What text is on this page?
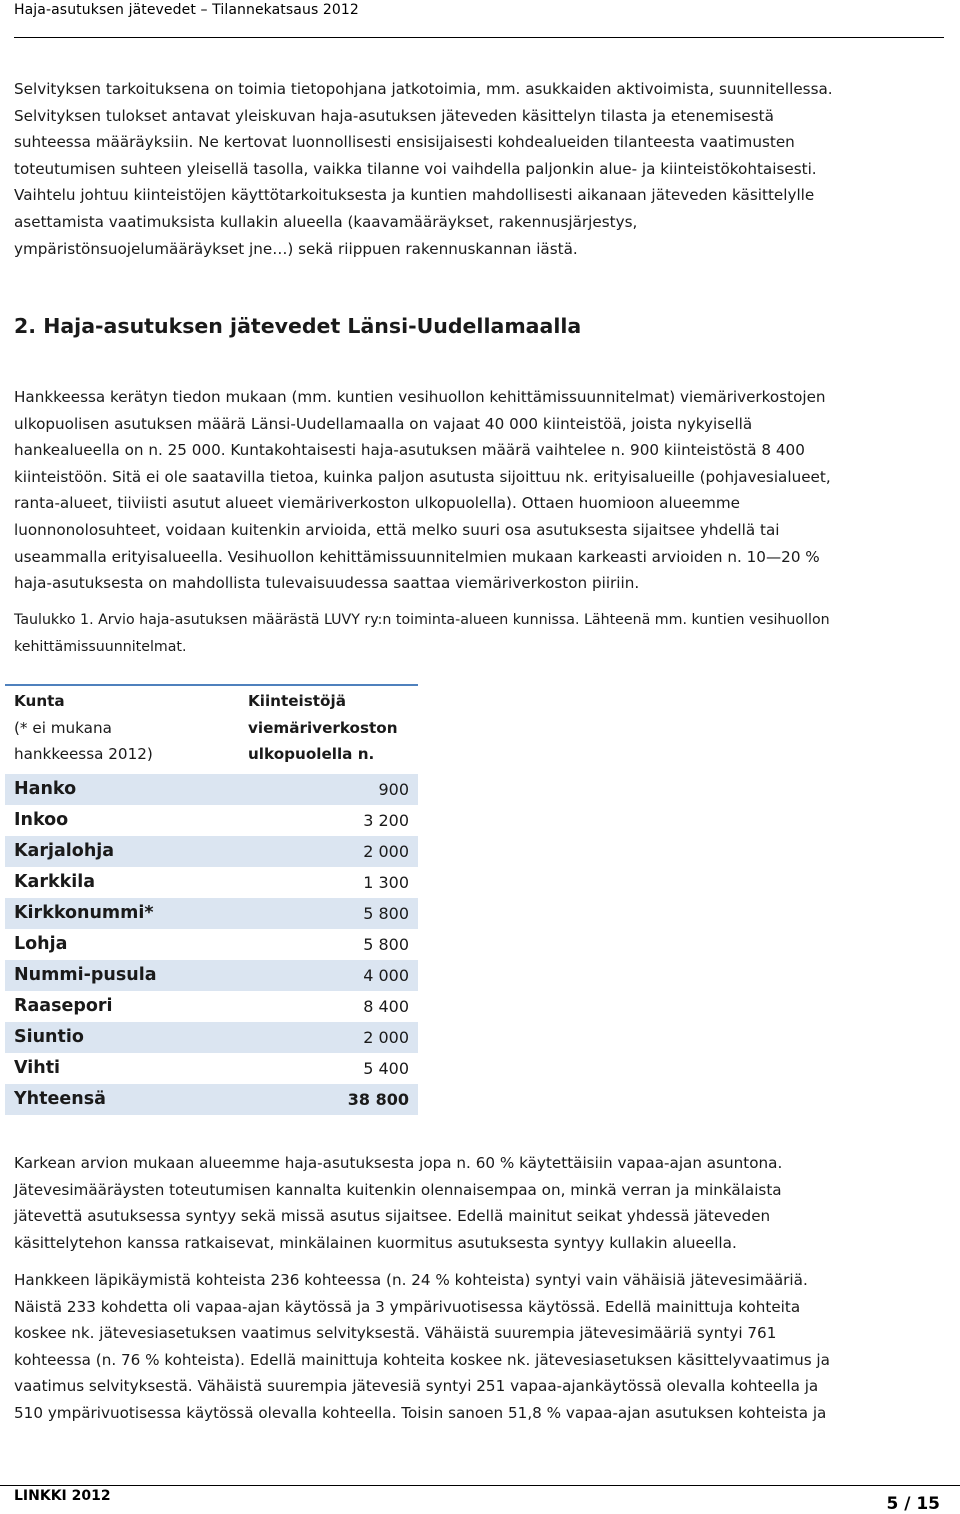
Haja-asutuksen jätevedet – Tilannekatsaus 2012
Selvityksen tarkoituksena on toimia tietopohjana jatkotoimia, mm. asukkaiden aktivoimista, suunnitellessa.
Selvityksen tulokset antavat yleiskuvan haja-asutuksen jäteveden käsittelyn tilasta ja etenemisestä
suhteessa määräyksiin. Ne kertovat luonnollisesti ensisijaisesti kohdealueiden tilanteesta vaatimusten
toteutumisen suhteen yleisellä tasolla, vaikka tilanne voi vaihdella paljonkin alue- ja kiinteistökohtaisesti.
Vaihtelu johtuu kiinteistöjen käyttötarkoituksesta ja kuntien mahdollisesti aikanaan jäteveden käsittelylle
asettamista vaatimuksista kullakin alueella (kaavamääräykset, rakennusjärjestys,
ympäristönsuojelumääräykset jne…) sekä riippuen rakennuskannan iästä.
2. Haja-asutuksen jätevedet Länsi-Uudellamaalla
Hankkeessa kerätyn tiedon mukaan (mm. kuntien vesihuollon kehittämissuunnitelmat) viemäriverkostojen
ulkopuolisen asutuksen määrä Länsi-Uudellamaalla on vajaat 40 000 kiinteistöä, joista nykyisellä
hankealueella on n. 25 000. Kuntakohtaisesti haja-asutuksen määrä vaihtelee n. 900 kiinteistöstä 8 400
kiinteistöön. Sitä ei ole saatavilla tietoa, kuinka paljon asutusta sijoittuu nk. erityisalueille (pohjavesialueet,
ranta-alueet, tiiviisti asutut alueet viemäriverkoston ulkopuolella). Ottaen huomioon alueemme
luonnonolosuhteet, voidaan kuitenkin arvioida, että melko suuri osa asutuksesta sijaitsee yhdellä tai
useammalla erityisalueella. Vesihuollon kehittämissuunnitelmien mukaan karkeasti arvioiden n. 10—20 %
haja-asutuksesta on mahdollista tulevaisuudessa saattaa viemäriverkoston piiriin.
Taulukko 1. Arvio haja-asutuksen määrästä LUVY ry:n toiminta-alueen kunnissa. Lähteenä mm. kuntien vesihuollon
kehittämissuunnitelmat.
Kunta
(* ei mukana
hankkeessa 2012)	Kiinteistöjä
viemäriverkoston
ulkopuolella n.

Hanko	900
Inkoo	3 200
Karjalohja	2 000
Karkkila	1 300
Kirkkonummi*	5 800
Lohja	5 800
Nummi-pusula	4 000
Raasepori	8 400
Siuntio	2 000
Vihti	5 400
Yhteensä	38 800
Karkean arvion mukaan alueemme haja-asutuksesta jopa n. 60 % käytettäisiin vapaa-ajan asuntona.
Jätevesimääräysten toteutumisen kannalta kuitenkin olennaisempaa on, minkä verran ja minkälaista
jätevettä asutuksessa syntyy sekä missä asutus sijaitsee. Edellä mainitut seikat yhdessä jäteveden
käsittelytehon kanssa ratkaisevat, minkälainen kuormitus asutuksesta syntyy kullakin alueella.
Hankkeen läpikäymistä kohteista 236 kohteessa (n. 24 % kohteista) syntyi vain vähäisiä jätevesimääriä.
Näistä 233 kohdetta oli vapaa-ajan käytössä ja 3 ympärivuotisessa käytössä. Edellä mainittuja kohteita
koskee nk. jätevesiasetuksen vaatimus selvityksestä. Vähäistä suurempia jätevesimääriä syntyi 761
kohteessa (n. 76 % kohteista). Edellä mainittuja kohteita koskee nk. jätevesiasetuksen käsittelyvaatimus ja
vaatimus selvityksestä. Vähäistä suurempia jätevesiä syntyi 251 vapaa-ajankäytössä olevalla kohteella ja
510 ympärivuotisessa käytössä olevalla kohteella. Toisin sanoen 51,8 % vapaa-ajan asutuksen kohteista ja
LINKKI 2012	5 / 15
